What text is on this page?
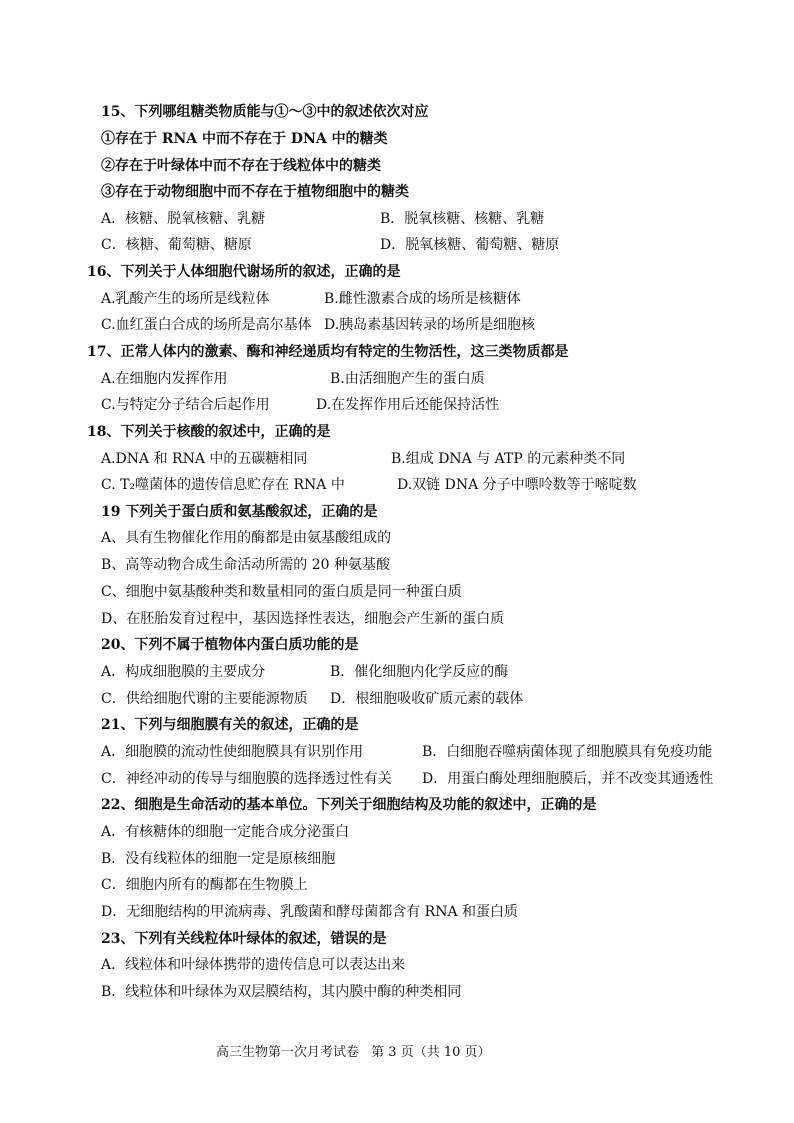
15、下列哪组糖类物质能与①～③中的叙述依次对应
①存在于 RNA 中而不存在于 DNA 中的糖类
②存在于叶绿体中而不存在于线粒体中的糖类
③存在于动物细胞中而不存在于植物细胞中的糖类
A．核糖、脱氧核糖、乳糖	B．脱氧核糖、核糖、乳糖
C．核糖、葡萄糖、糖原	D．脱氧核糖、葡萄糖、糖原
16、下列关于人体细胞代谢场所的叙述，正确的是
A.乳酸产生的场所是线粒体	B.雌性激素合成的场所是核糖体
C.血红蛋白合成的场所是高尔基体 D.胰岛素基因转录的场所是细胞核
17、正常人体内的激素、酶和神经递质均有特定的生物活性，这三类物质都是
A.在细胞内发挥作用	B.由活细胞产生的蛋白质
C.与特定分子结合后起作用	D.在发挥作用后还能保持活性
18、下列关于核酸的叙述中，正确的是
A.DNA 和 RNA 中的五碳糖相同	B.组成 DNA 与 ATP 的元素种类不同
C. T₂噬菌体的遗传信息贮存在 RNA 中	D.双链 DNA 分子中嘌呤数等于嘧啶数
19 下列关于蛋白质和氨基酸叙述，正确的是
A、具有生物催化作用的酶都是由氨基酸组成的
B、高等动物合成生命活动所需的 20 种氨基酸
C、细胞中氨基酸种类和数量相同的蛋白质是同一种蛋白质
D、在胚胎发育过程中，基因选择性表达，细胞会产生新的蛋白质
20、下列不属于植物体内蛋白质功能的是
A．构成细胞膜的主要成分	B．催化细胞内化学反应的酶
C．供给细胞代谢的主要能源物质 D．根细胞吸收矿质元素的载体
21、下列与细胞膜有关的叙述，正确的是
A．细胞膜的流动性使细胞膜具有识别作用	B．白细胞吞噬病菌体现了细胞膜具有免疫功能
C．神经冲动的传导与细胞膜的选择透过性有关 D．用蛋白酶处理细胞膜后，并不改变其通透性
22、细胞是生命活动的基本单位。下列关于细胞结构及功能的叙述中，正确的是
A．有核糖体的细胞一定能合成分泌蛋白
B．没有线粒体的细胞一定是原核细胞
C．细胞内所有的酶都在生物膜上
D．无细胞结构的甲流病毒、乳酸菌和酵母菌都含有 RNA 和蛋白质
23、下列有关线粒体叶绿体的叙述，错误的是
A．线粒体和叶绿体携带的遗传信息可以表达出来
B．线粒体和叶绿体为双层膜结构，其内膜中酶的种类相同
高三生物第一次月考试卷 第 3 页（共 10 页）
